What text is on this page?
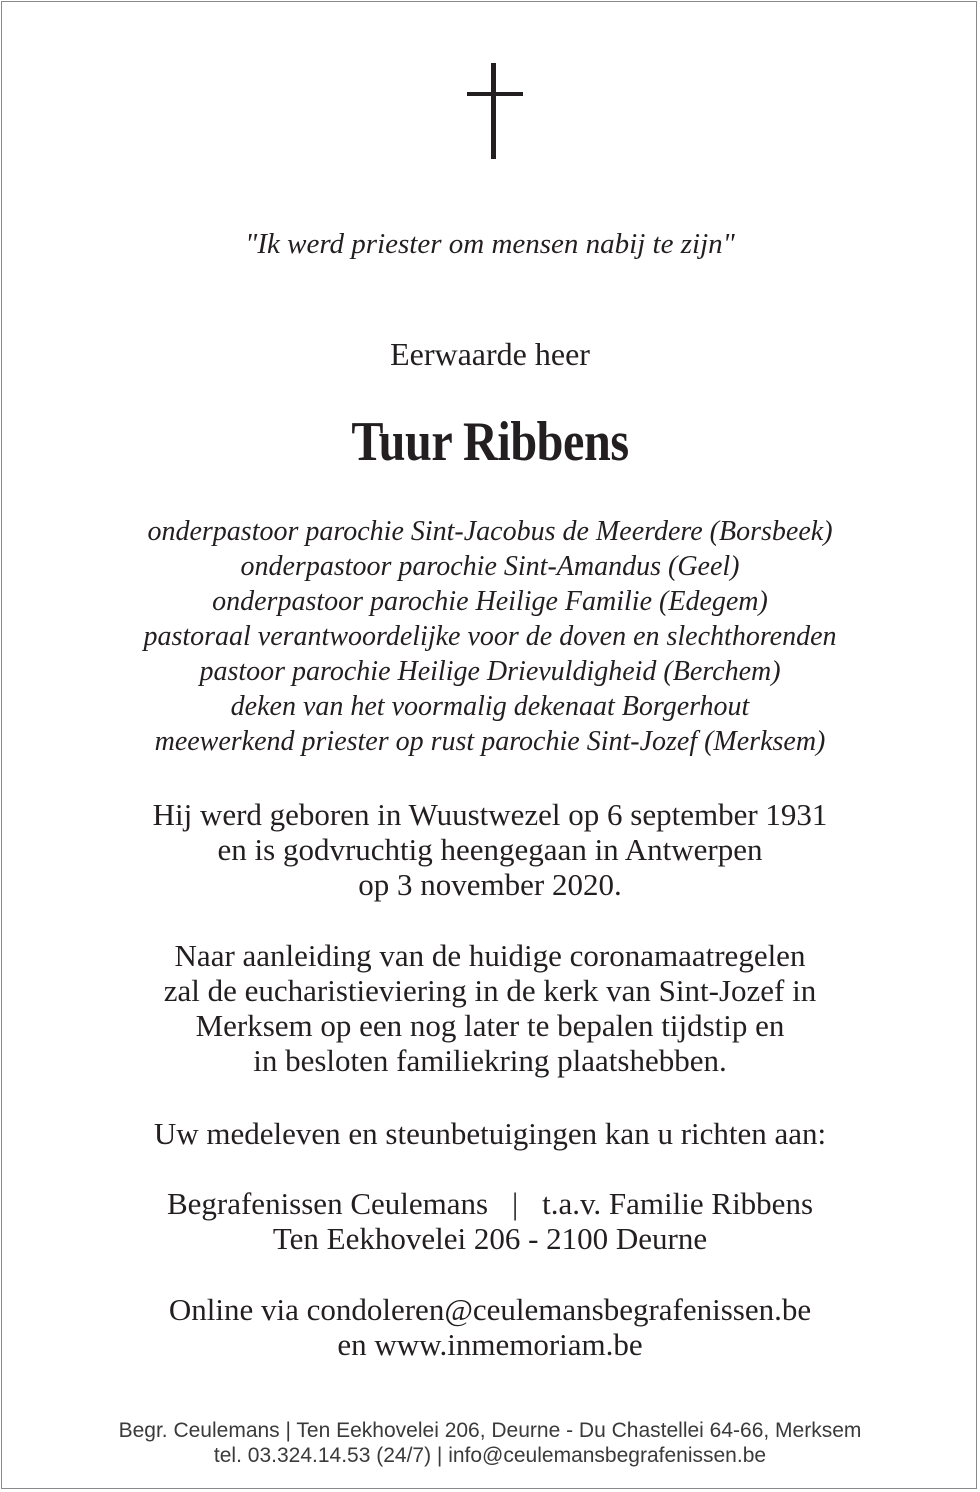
"Ik werd priester om mensen nabij te zijn"
Eerwaarde heer
Tuur Ribbens
onderpastoor parochie Sint-Jacobus de Meerdere (Borsbeek)
onderpastoor parochie Sint-Amandus (Geel)
onderpastoor parochie Heilige Familie (Edegem)
pastoraal verantwoordelijke voor de doven en slechthorenden
pastoor parochie Heilige Drievuldigheid (Berchem)
deken van het voormalig dekenaat Borgerhout
meewerkend priester op rust parochie Sint-Jozef (Merksem)
Hij werd geboren in Wuustwezel op 6 september 1931
en is godvruchtig heengegaan in Antwerpen
op 3 november 2020.
Naar aanleiding van de huidige coronamaatregelen
zal de eucharistieviering in de kerk van Sint-Jozef in
Merksem op een nog later te bepalen tijdstip en
in besloten familiekring plaatshebben.
Uw medeleven en steunbetuigingen kan u richten aan:
Begrafenissen Ceulemans | t.a.v. Familie Ribbens
Ten Eekhovelei 206 - 2100 Deurne
Online via condoleren@ceulemansbegrafenissen.be
en www.inmemoriam.be
Begr. Ceulemans | Ten Eekhovelei 206, Deurne - Du Chastellei 64-66, Merksem
tel. 03.324.14.53 (24/7) | info@ceulemansbegrafenissen.be
